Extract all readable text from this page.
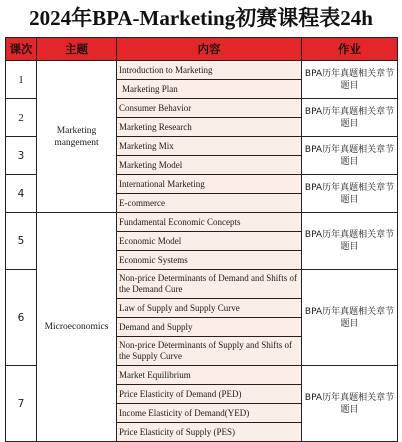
2024年BPA-Marketing初赛课程表24h
课次	主题	内容	作业
1	Marketing mangement	Introduction to Marketing	BPA历年真题相关章节题目
		Marketing Plan	
2		Consumer Behavior	BPA历年真题相关章节题目
		Marketing Research	
3		Marketing Mix	BPA历年真题相关章节题目
		Marketing Model	
4		International Marketing	BPA历年真题相关章节题目
		E-commerce	
5	Microeconomics	Fundamental Economic Concepts	BPA历年真题相关章节题目
		Economic Model	
		Economic Systems	
6		Non-price Determinants of Demand and Shifts of the Demand Cure	BPA历年真题相关章节题目
		Law of Supply and Supply Curve	
		Demand and Supply	
		Non-price Determinants of Supply and Shifts of the Supply Curve	
7		Market Equilibrium	BPA历年真题相关章节题目
		Price Elasticity of Demand (PED)	
		Income Elasticity of Demand(YED)	
		Price Elasticity of Supply (PES)	
